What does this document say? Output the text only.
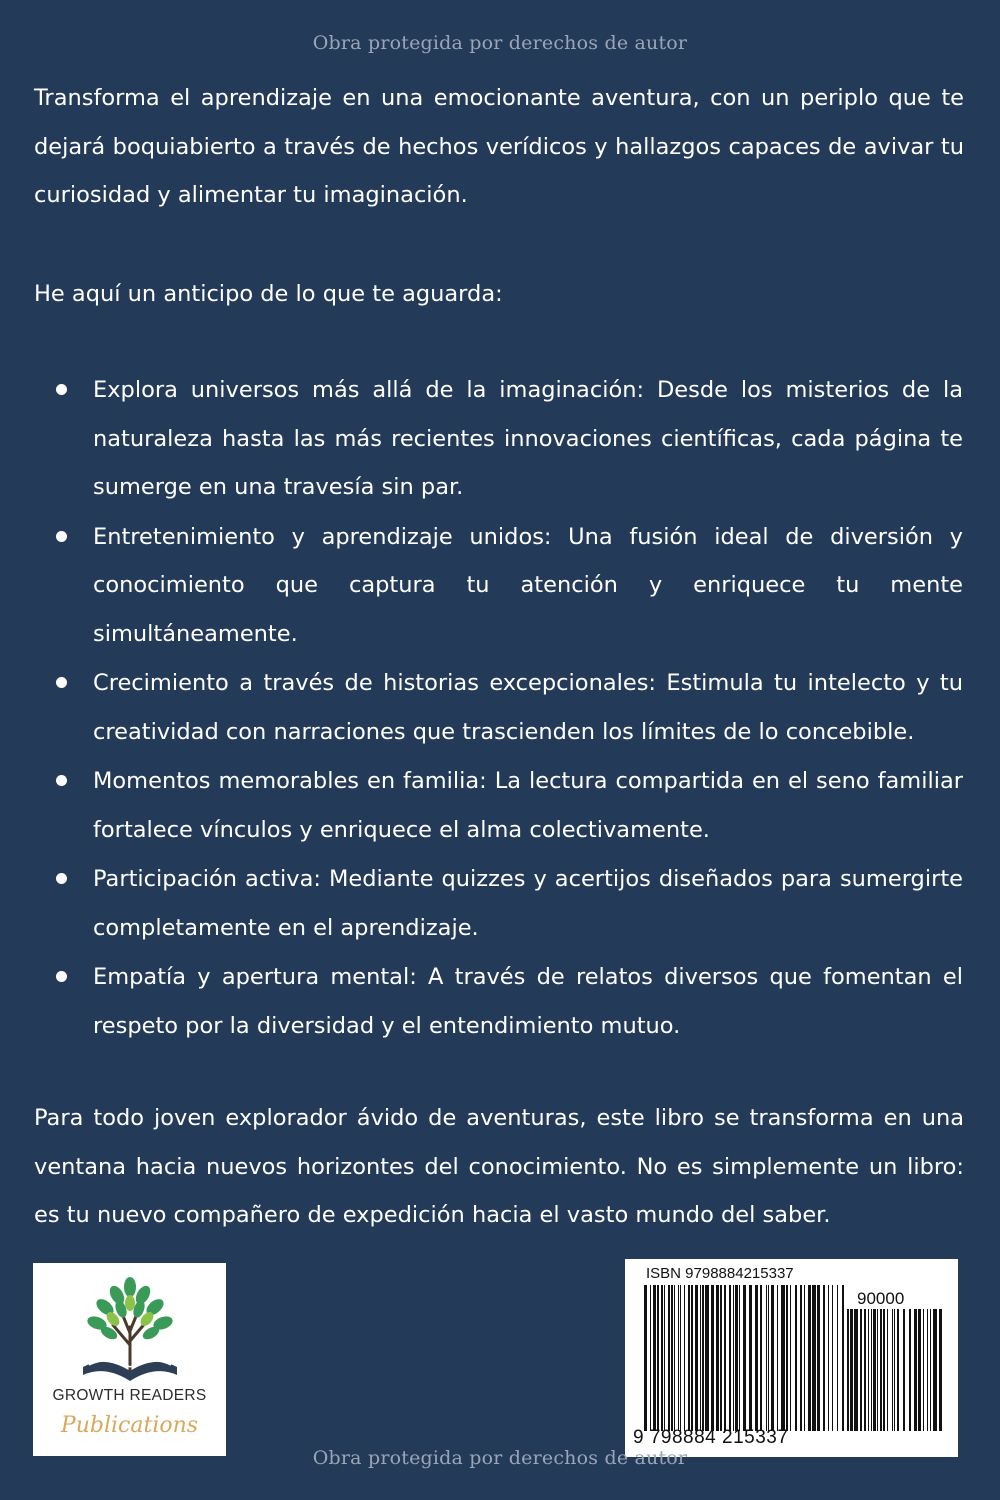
Obra protegida por derechos de autor

Transforma el aprendizaje en una emocionante aventura, con un periplo que te dejará boquiabierto a través de hechos verídicos y hallazgos capaces de avivar tu curiosidad y alimentar tu imaginación.

He aquí un anticipo de lo que te aguarda:

Explora universos más allá de la imaginación: Desde los misterios de la naturaleza hasta las más recientes innovaciones científicas, cada página te sumerge en una travesía sin par.
Entretenimiento y aprendizaje unidos: Una fusión ideal de diversión y conocimiento que captura tu atención y enriquece tu mente simultáneamente.
Crecimiento a través de historias excepcionales: Estimula tu intelecto y tu creatividad con narraciones que trascienden los límites de lo concebible.
Momentos memorables en familia: La lectura compartida en el seno familiar fortalece vínculos y enriquece el alma colectivamente.
Participación activa: Mediante quizzes y acertijos diseñados para sumergirte completamente en el aprendizaje.
Empatía y apertura mental: A través de relatos diversos que fomentan el respeto por la diversidad y el entendimiento mutuo.

Para todo joven explorador ávido de aventuras, este libro se transforma en una ventana hacia nuevos horizontes del conocimiento. No es simplemente un libro: es tu nuevo compañero de expedición hacia el vasto mundo del saber.

GROWTH READERS
Publications
ISBN 9798884215337
90000
9 798884 215337
Obra protegida por derechos de autor
